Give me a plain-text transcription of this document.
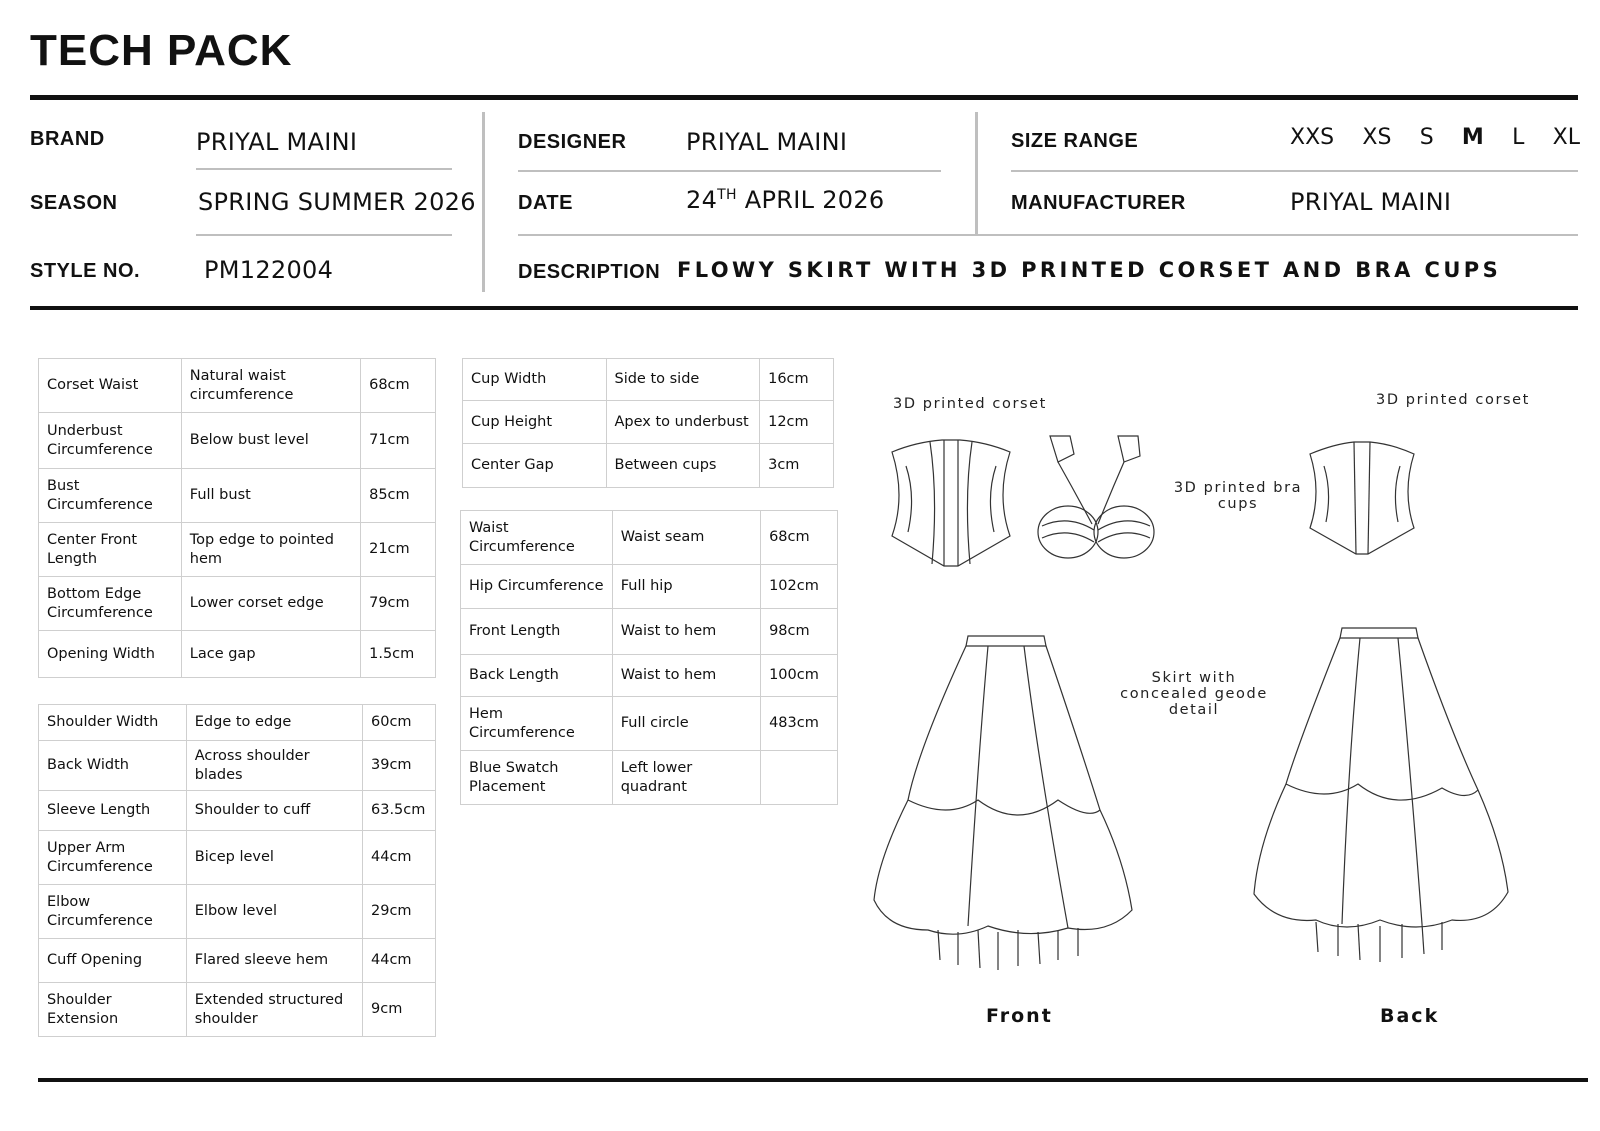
TECH PACK
BRAND	PRIYAL MAINI
SEASON	SPRING SUMMER 2026
STYLE NO.	PM122004
DESIGNER PRIYAL MAINI
DATE	24TH APRIL 2026
SIZE RANGE	XXS XS S M L XL
MANUFACTURER	PRIYAL MAINI
DESCRIPTION FLOWY SKIRT WITH 3D PRINTED CORSET AND BRA CUPS
Corset Waist	Natural waist circumference	68cm
Underbust Circumference	Below bust level	71cm
Bust Circumference	Full bust	85cm
Center Front Length	Top edge to pointed hem	21cm
Bottom Edge Circumference	Lower corset edge	79cm
Opening Width	Lace gap	1.5cm
Shoulder Width	Edge to edge	60cm
Back Width	Across shoulder blades	39cm
Sleeve Length	Shoulder to cuff	63.5cm
Upper Arm Circumference	Bicep level	44cm
Elbow Circumference	Elbow level	29cm
Cuff Opening	Flared sleeve hem	44cm
Shoulder Extension	Extended structured shoulder	9cm
Cup Width	Side to side	16cm
Cup Height	Apex to underbust	12cm
Center Gap	Between cups	3cm
Waist Circumference	Waist seam	68cm
Hip Circumference	Full hip	102cm
Front Length	Waist to hem	98cm
Back Length	Waist to hem	100cm
Hem Circumference	Full circle	483cm
Blue Swatch Placement	Left lower quadrant	
3D printed corset	3D printed corset
3D printed bra cups
Skirt with concealed geode detail
Front	Back
